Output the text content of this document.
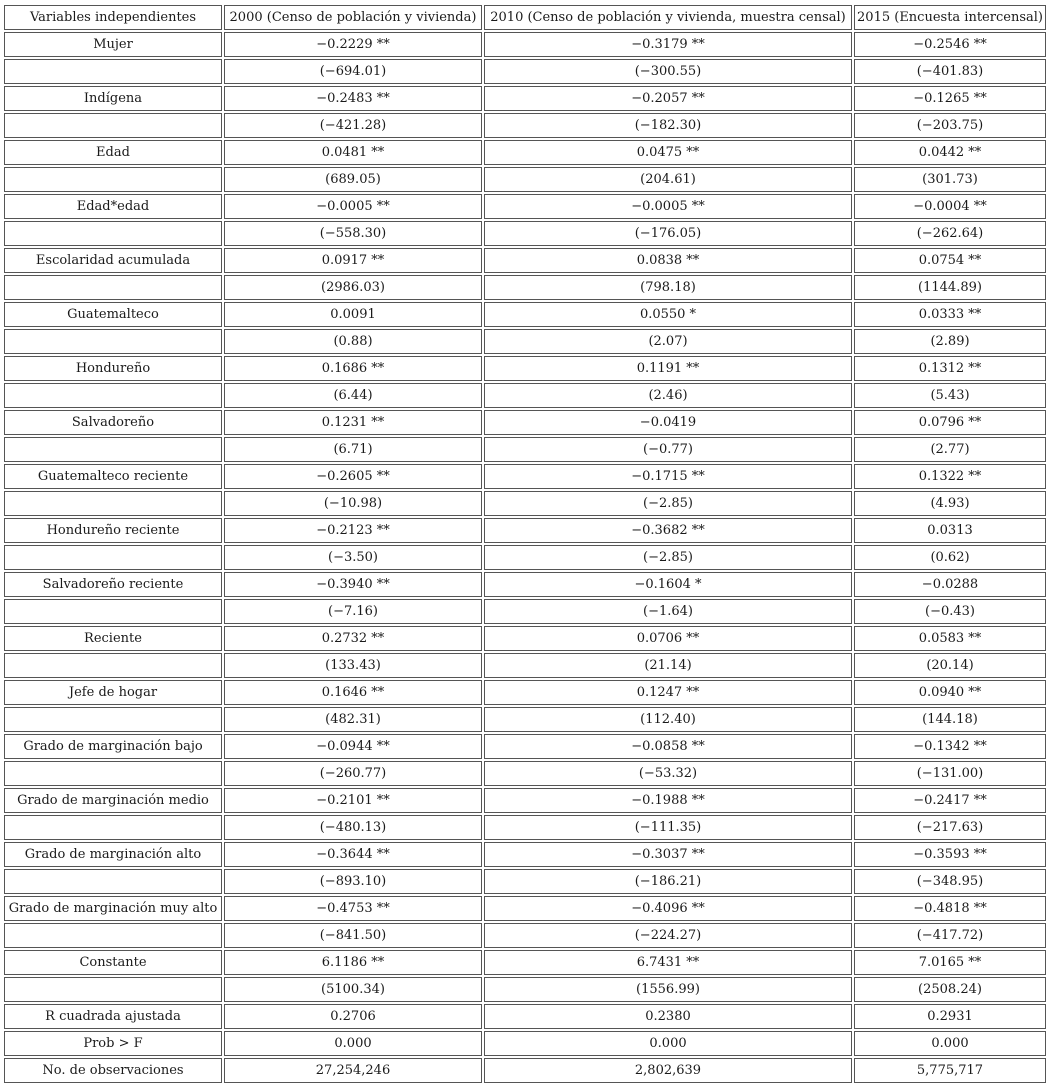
Variables independientes	2000 (Censo de población y vivienda)	2010 (Censo de población y vivienda, muestra censal)	2015 (Encuesta intercensal)
Mujer	−0.2229 **	−0.3179 **	−0.2546 **
	(−694.01)	(−300.55)	(−401.83)
Indígena	−0.2483 **	−0.2057 **	−0.1265 **
	(−421.28)	(−182.30)	(−203.75)
Edad	0.0481 **	0.0475 **	0.0442 **
	(689.05)	(204.61)	(301.73)
Edad*edad	−0.0005 **	−0.0005 **	−0.0004 **
	(−558.30)	(−176.05)	(−262.64)
Escolaridad acumulada	0.0917 **	0.0838 **	0.0754 **
	(2986.03)	(798.18)	(1144.89)
Guatemalteco	0.0091	0.0550 *	0.0333 **
	(0.88)	(2.07)	(2.89)
Hondureño	0.1686 **	0.1191 **	0.1312 **
	(6.44)	(2.46)	(5.43)
Salvadoreño	0.1231 **	−0.0419	0.0796 **
	(6.71)	(−0.77)	(2.77)
Guatemalteco reciente	−0.2605 **	−0.1715 **	0.1322 **
	(−10.98)	(−2.85)	(4.93)
Hondureño reciente	−0.2123 **	−0.3682 **	0.0313
	(−3.50)	(−2.85)	(0.62)
Salvadoreño reciente	−0.3940 **	−0.1604 *	−0.0288
	(−7.16)	(−1.64)	(−0.43)
Reciente	0.2732 **	0.0706 **	0.0583 **
	(133.43)	(21.14)	(20.14)
Jefe de hogar	0.1646 **	0.1247 **	0.0940 **
	(482.31)	(112.40)	(144.18)
Grado de marginación bajo	−0.0944 **	−0.0858 **	−0.1342 **
	(−260.77)	(−53.32)	(−131.00)
Grado de marginación medio	−0.2101 **	−0.1988 **	−0.2417 **
	(−480.13)	(−111.35)	(−217.63)
Grado de marginación alto	−0.3644 **	−0.3037 **	−0.3593 **
	(−893.10)	(−186.21)	(−348.95)
Grado de marginación muy alto	−0.4753 **	−0.4096 **	−0.4818 **
	(−841.50)	(−224.27)	(−417.72)
Constante	6.1186 **	6.7431 **	7.0165 **
	(5100.34)	(1556.99)	(2508.24)
R cuadrada ajustada	0.2706	0.2380	0.2931
Prob > F	0.000	0.000	0.000
No. de observaciones	27,254,246	2,802,639	5,775,717
